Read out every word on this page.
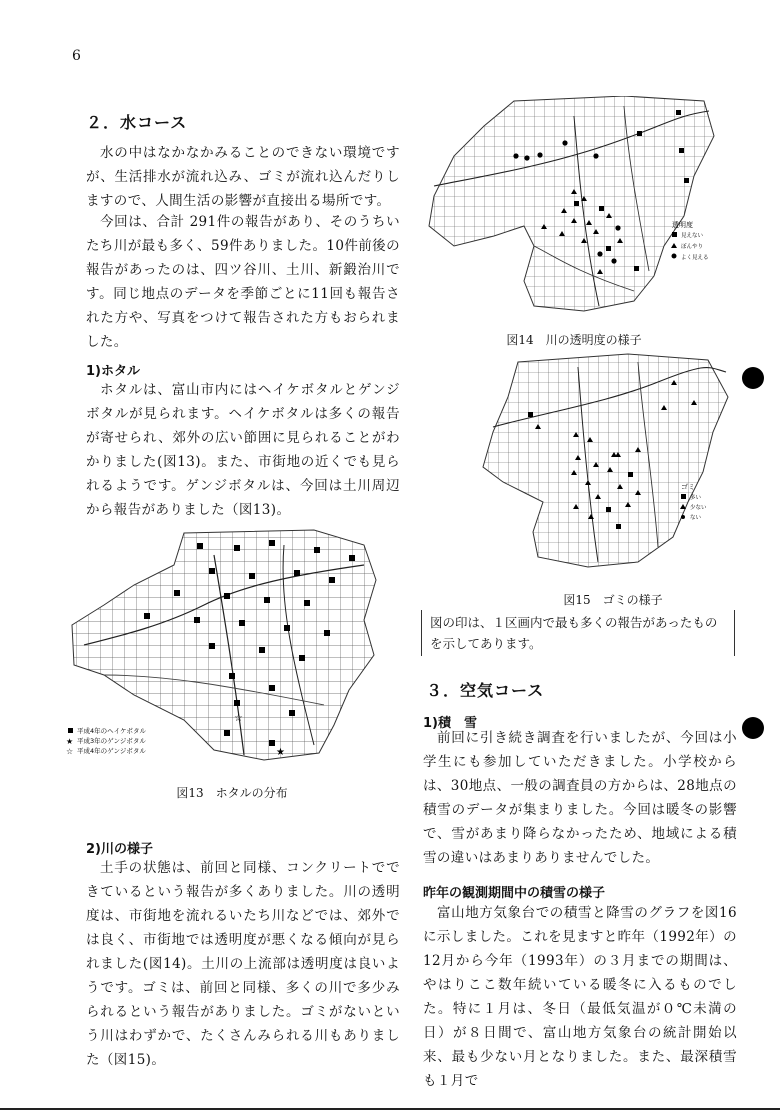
6
２．水コース

水の中はなかなかみることのできない環境ですが、生活排水が流れ込み、ゴミが流れ込んだりしますので、人間生活の影響が直接出る場所です。

今回は、合計 291件の報告があり、そのうちいたち川が最も多く、59件ありました。10件前後の報告があったのは、四ツ谷川、土川、新鍛治川です。同じ地点のデータを季節ごとに11回も報告された方や、写真をつけて報告された方もおられました。

1)ホタル

ホタルは、富山市内にはヘイケボタルとゲンジボタルが見られます。ヘイケボタルは多くの報告が寄せられ、郊外の広い節囲に見られることがわかりました(図13)。また、市街地の近くでも見られるようです。ゲンジボタルは、今回は土川周辺から報告がありました（図13)。

☆
★
平成4年のヘイケボタル
★ 平成3年のゲンジボタル
☆ 平成4年のゲンジボタル
図13　ホタルの分布
2)川の様子

土手の状態は、前回と同様、コンクリートでできているという報告が多くありました。川の透明度は、市街地を流れるいたち川などでは、郊外では良く、市街地では透明度が悪くなる傾向が見られました(図14)。土川の上流部は透明度は良いようです。ゴミは、前回と同様、多くの川で多少みられるという報告がありました。ゴミがないという川はわずかで、たくさんみられる川もありました（図15)。

透明度
見えない
ぼんやり
よく見える
図14　川の透明度の様子
ゴミ
多い
少ない
ない
図15　ゴミの様子
図の印は、１区画内で最も多くの報告があったものを示してあります。
３．空気コース
1)積　雪

前回に引き続き調査を行いましたが、今回は小学生にも参加していただきました。小学校からは、30地点、一般の調査員の方からは、28地点の積雪のデータが集まりました。今回は暖冬の影響で、雪があまり降らなかったため、地域による積雪の違いはあまりありませんでした。

昨年の観測期間中の積雪の様子

富山地方気象台での積雪と降雪のグラフを図16に示しました。これを見ますと昨年（1992年）の12月から今年（1993年）の３月までの期間は、やはりここ数年続いている暖冬に入るものでした。特に１月は、冬日（最低気温が０℃未満の日）が８日間で、富山地方気象台の統計開始以来、最も少ない月となりました。また、最深積雪も１月で
